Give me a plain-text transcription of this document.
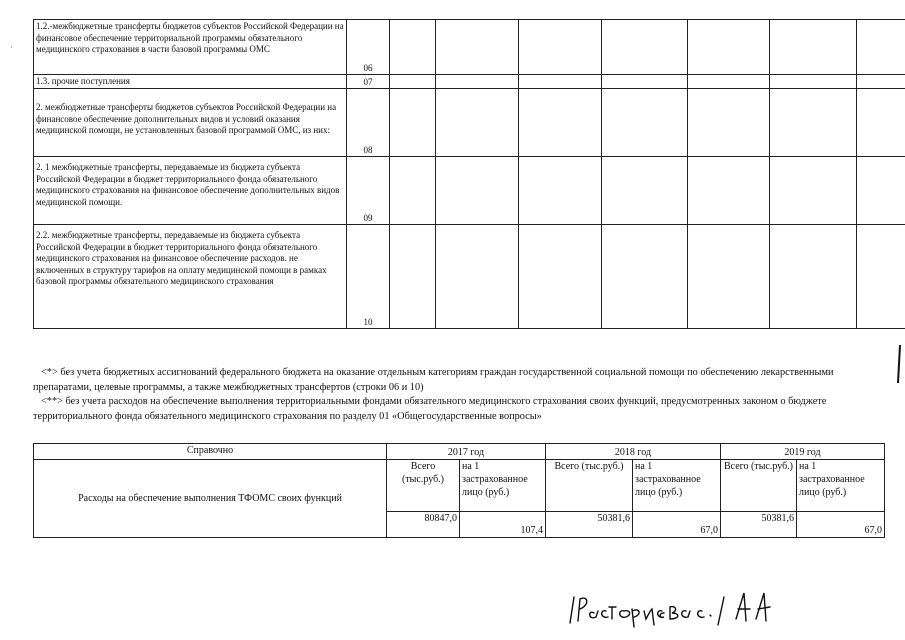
1.2.-межбюджетные трансферты бюджетов субъектов Российской Федерации на финансовое обеспечение территориальной программы обязательного медицинского страхования в части базовой программы ОМС	06								
1.3. прочие поступления	07								
2. межбюджетные трансферты бюджетов субъектов Российской Федерации на финансовое обеспечение дополнительных видов и условий оказания медицинской помощи, не установленных базовой программой ОМС, из них:	08								
2. 1 межбюджетные трансферты, передаваемые из бюджета субъекта Российской Федерации в бюджет территориального фонда обязательного медицинского страхования на финансовое обеспечение дополнительных видов медицинской помощи.	09								
2.2. межбюджетные трансферты, передаваемые из бюджета субъекта Российской Федерации в бюджет территориального фонда обязательного медицинского страхования на финансовое обеспечение расходов. не включенных в структуру тарифов на оплату медицинской помощи в рамках базовой программы обязательного медицинского страхования	10								

<*> без учета бюджетных ассигнований федерального бюджета на оказание отдельным категориям граждан государственной социальной помощи по обеспечению лекарственными препаратами, целевые программы, а также межбюджетных трансфертов (строки 06 и 10)

<**> без учета расходов на обеспечение выполнения территориальными фондами обязательного медицинского страхования своих функций, предусмотренных законом о бюджете территориального фонда обязательного медицинского страхования по разделу 01 «Общегосударственные вопросы»

Справочно	2017 год		2018 год		2019 год	
Расходы на обеспечение выполнения ТФОМС своих функций	Всего (тыс.руб.)	на 1 застрахованное лицо (руб.)	Всего (тыс.руб.)	на 1 застрахованное лицо (руб.)	Всего (тыс.руб.)	на 1 застрахованное лицо (руб.)
	80847,0	107,4	50381,6	67,0	50381,6	67,0
˙
